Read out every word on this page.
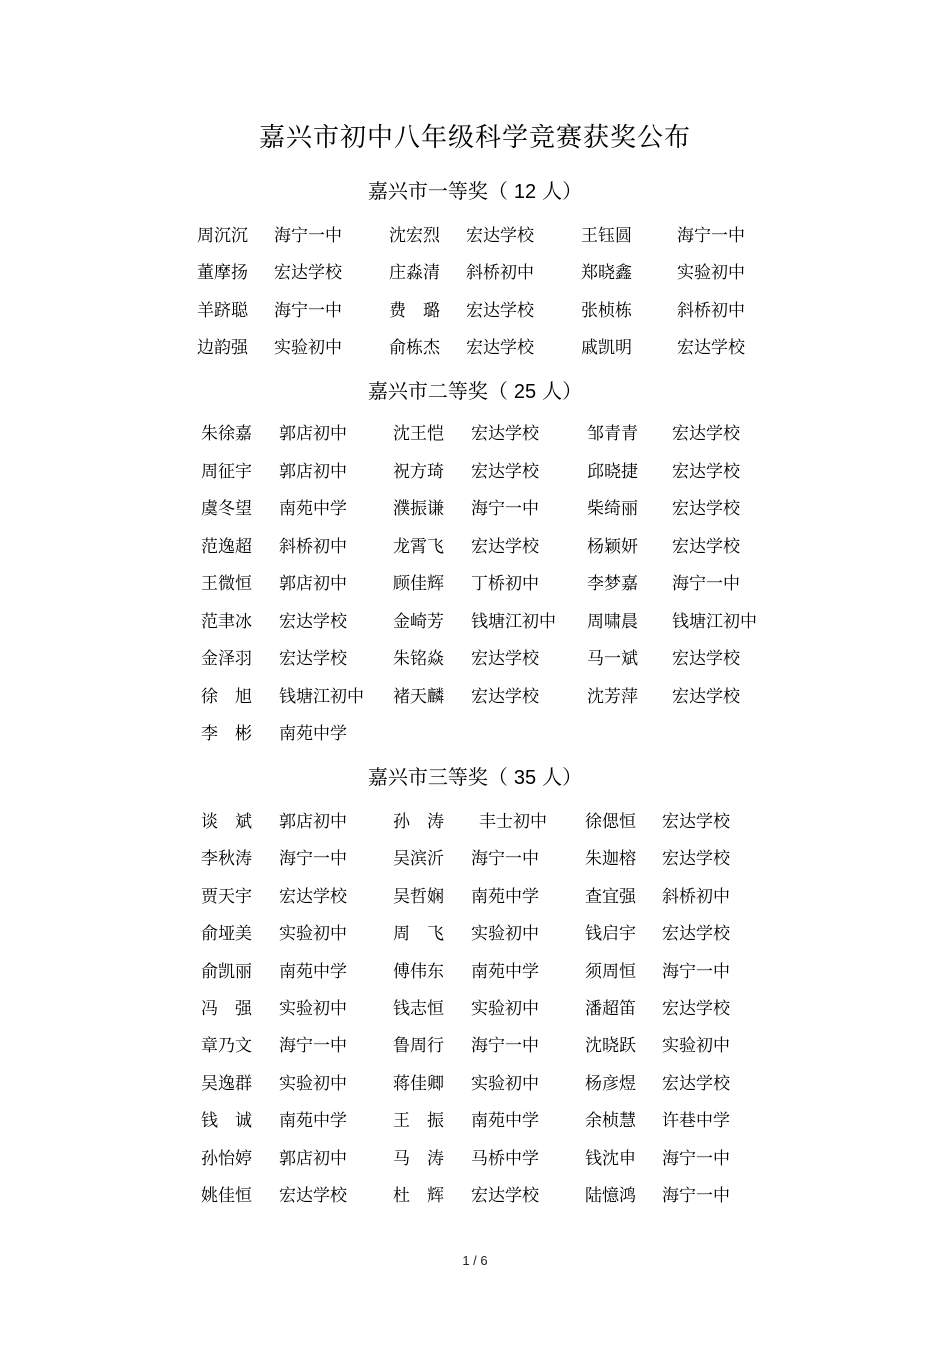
嘉兴市初中八年级科学竞赛获奖公布
嘉兴市一等奖（ 12 人）
周沉沉 海宁一中	沈宏烈 宏达学校	王钰圆	海宁一中
董摩扬 宏达学校	庄淼清 斜桥初中	郑晓鑫	实验初中
羊跻聪 海宁一中	费　璐 宏达学校	张桢栋	斜桥初中
边韵强 实验初中	俞栋杰 宏达学校	戚凯明	宏达学校
嘉兴市二等奖（ 25 人）
朱徐嘉 郭店初中	沈王恺 宏达学校	邹青青 宏达学校
周征宇 郭店初中	祝方琦 宏达学校	邱晓捷 宏达学校
虞冬望 南苑中学	濮振谦 海宁一中	柴绮丽 宏达学校
范逸超 斜桥初中	龙霄飞 宏达学校	杨颖妍 宏达学校
王微恒 郭店初中	顾佳辉 丁桥初中	李梦嘉 海宁一中
范聿冰 宏达学校	金崎芳 钱塘江初中 周啸晨 钱塘江初中
金泽羽 宏达学校	朱铭焱 宏达学校	马一斌 宏达学校
徐　旭 钱塘江初中 褚天麟 宏达学校	沈芳萍 宏达学校
李　彬 南苑中学
嘉兴市三等奖（ 35 人）
谈　斌 郭店初中	孙　涛 丰士初中 徐偲恒 宏达学校
李秋涛 海宁一中	吴滨沂 海宁一中	朱迦榕 宏达学校
贾天宇 宏达学校	吴哲娴 南苑中学	查宜强 斜桥初中
俞垭美 实验初中	周　飞 实验初中	钱启宇 宏达学校
俞凯丽 南苑中学	傅伟东 南苑中学	须周恒 海宁一中
冯　强 实验初中	钱志恒 实验初中	潘超笛 宏达学校
章乃文 海宁一中	鲁周行 海宁一中	沈晓跃 实验初中
吴逸群 实验初中	蒋佳卿 实验初中	杨彦煜 宏达学校
钱　诚 南苑中学	王　振 南苑中学	余桢慧 许巷中学
孙怡婷 郭店初中	马　涛 马桥中学	钱沈申 海宁一中
姚佳恒 宏达学校	杜　辉 宏达学校	陆憶鸿 海宁一中
1 / 6
